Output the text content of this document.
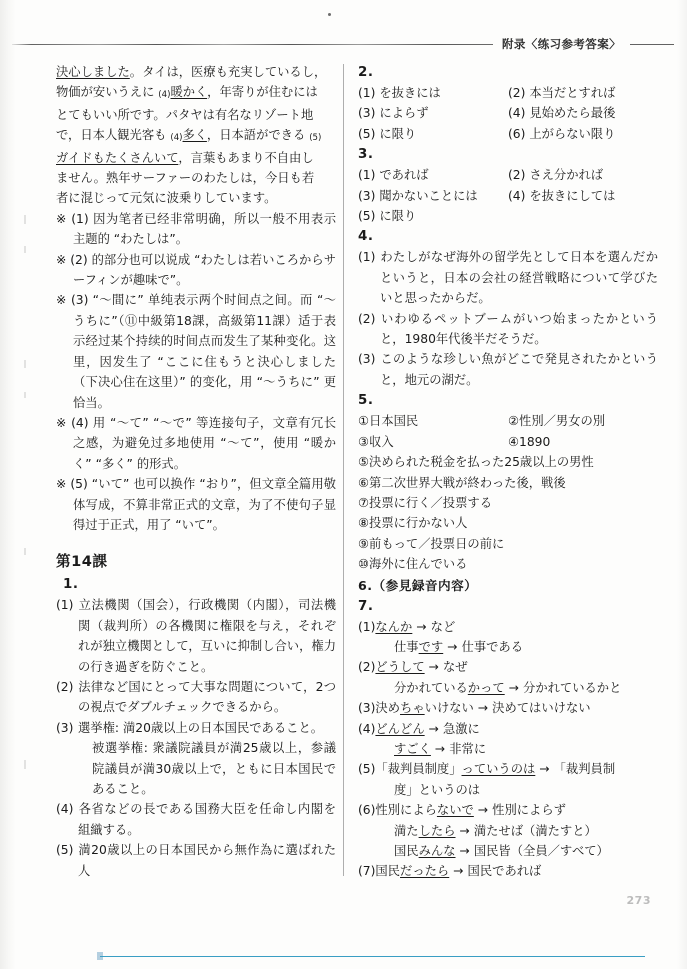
附录〈练习参考答案〉
決心しました。タイは，医療も充実しているし，
物価が安いうえに (4)暖かく，年寄りが住むには
とてもいい所です。パタヤは有名なリゾート地
で，日本人観光客も (4)多く，日本語ができる (5)
ガイドもたくさんいて，言葉もあまり不自由し
ません。熟年サーファーのわたしは，今日も若
者に混じって元気に波乗りしています。
※ (1) 因为笔者已经非常明确，所以一般不用表示主题的 “わたしは”。
※ (2) 的部分也可以说成 “わたしは若いころからサーフィンが趣味で”。
※ (3) “〜間に” 单纯表示两个时间点之间。而 “〜うちに”（⑪中級第18課，高級第11課）适于表示经过某个持续的时间点而发生了某种变化。这里，因发生了 “ここに住もうと決心しました（下决心住在这里）” 的变化，用 “〜うちに” 更恰当。
※ (4) 用 “〜て” “〜で” 等连接句子，文章有冗长之感，为避免过多地使用 “〜て”，使用 “暖かく” “多く” 的形式。
※ (5) “いて” 也可以换作 “おり”，但文章全篇用敬体写成，不算非常正式的文章，为了不使句子显得过于正式，用了 “いて”。
第14課
1.
(1) 立法機関（国会），行政機関（内閣），司法機関（裁判所）の各機関に権限を与え，それぞれが独立機関として，互いに抑制し合い，権力の行き過ぎを防ぐこと。
(2) 法律など国にとって大事な問題について，2つの視点でダブルチェックできるから。
(3) 選挙権: 満20歳以上の日本国民であること。
被選挙権: 衆議院議員が満25歳以上，参議院議員が満30歳以上で，ともに日本国民であること。
(4) 各省などの長である国務大臣を任命し内閣を組織する。
(5) 満20歳以上の日本国民から無作為に選ばれた人
2.
(1) を抜きには	(2) 本当だとすれば
(3) によらず	(4) 見始めたら最後
(5) に限り	(6) 上がらない限り
3.
(1) であれば	(2) さえ分かれば
(3) 聞かないことには	(4) を抜きにしては
(5) に限り
4.
(1) わたしがなぜ海外の留学先として日本を選んだかというと，日本の会社の経営戦略について学びたいと思ったからだ。
(2) いわゆるペットブームがいつ始まったかというと，1980年代後半だそうだ。
(3) このような珍しい魚がどこで発見されたかというと，地元の湖だ。
5.
①日本国民	②性別／男女の別
③収入	④1890
⑤決められた税金を払った25歳以上の男性
⑥第二次世界大戦が終わった後，戦後
⑦投票に行く／投票する
⑧投票に行かない人
⑨前もって／投票日の前に
⑩海外に住んでいる
6.（参見録音内容）
7.
(1)なんか → など
仕事です → 仕事である
(2)どうして → なぜ
分かれているかって → 分かれているかと
(3)決めちゃいけない → 決めてはいけない
(4)どんどん → 急激に
すごく → 非常に
(5)「裁判員制度」っていうのは → 「裁判員制
度」というのは
(6)性別によらないで → 性別によらず
満たしたら → 満たせば（満たすと）
国民みんな → 国民皆（全員／すべて）
(7)国民だったら → 国民であれば
273
